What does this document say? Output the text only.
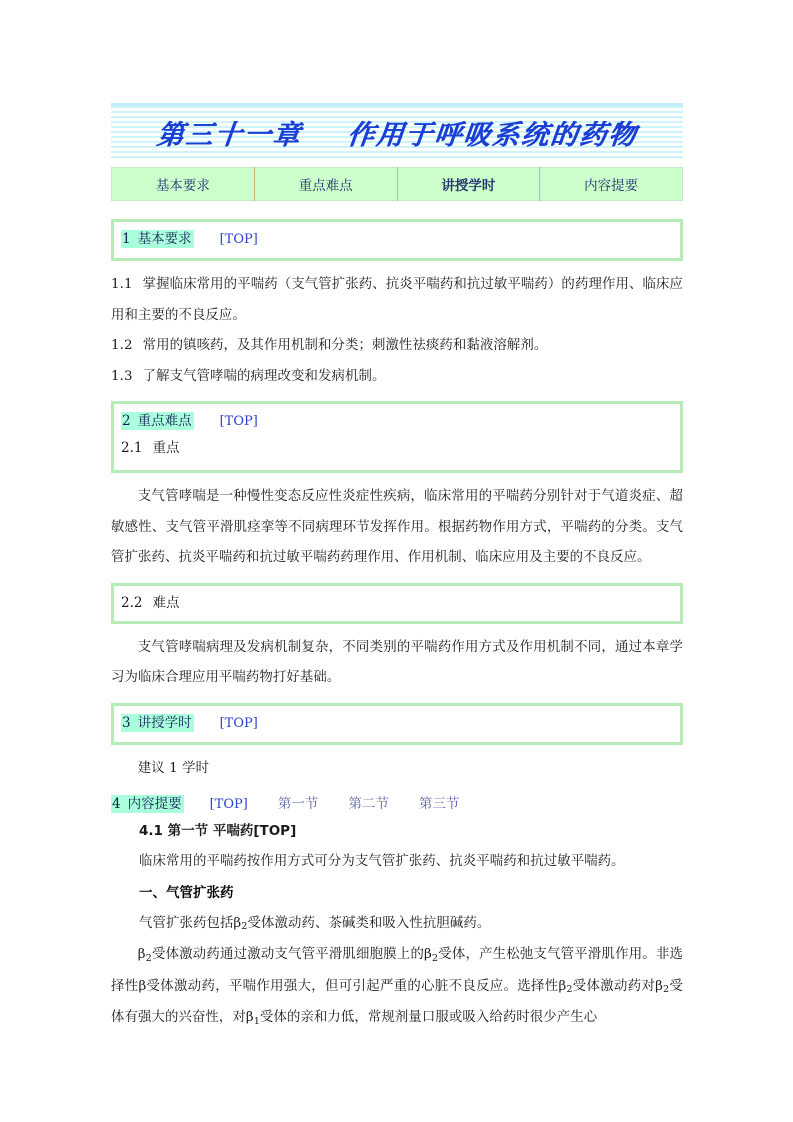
第三十一章    作用于呼吸系统的药物
基本要求	重点难点	讲授学时	内容提要
1 基本要求 [TOP]

1.1 掌握临床常用的平喘药（支气管扩张药、抗炎平喘药和抗过敏平喘药）的药理作用、临床应用和主要的不良反应。

1.2 常用的镇咳药，及其作用机制和分类；刺激性祛痰药和黏液溶解剂。

1.3 了解支气管哮喘的病理改变和发病机制。

2 重点难点 [TOP]
2.1 重点

支气管哮喘是一种慢性变态反应性炎症性疾病，临床常用的平喘药分别针对于气道炎症、超敏感性、支气管平滑肌痉挛等不同病理环节发挥作用。根据药物作用方式，平喘药的分类。支气管扩张药、抗炎平喘药和抗过敏平喘药药理作用、作用机制、临床应用及主要的不良反应。

2.2 难点

支气管哮喘病理及发病机制复杂，不同类别的平喘药作用方式及作用机制不同，通过本章学习为临床合理应用平喘药物打好基础。

3 讲授学时 [TOP]

建议 1 学时

4 内容提要 [TOP] 第一节 第二节 第三节
4.1 第一节 平喘药[TOP]

临床常用的平喘药按作用方式可分为支气管扩张药、抗炎平喘药和抗过敏平喘药。

一、气管扩张药

气管扩张药包括$\beta_2$受体激动药、茶碱类和吸入性抗胆碱药。

$\beta_2$受体激动药通过激动支气管平滑肌细胞膜上的$\beta_2$受体，产生松弛支气管平滑肌作用。非选择性β受体激动药，平喘作用强大，但可引起严重的心脏不良反应。选择性$\beta_2$受体激动药对$\beta_2$受体有强大的兴奋性，对$\beta_1$受体的亲和力低，常规剂量口服或吸入给药时很少产生心
